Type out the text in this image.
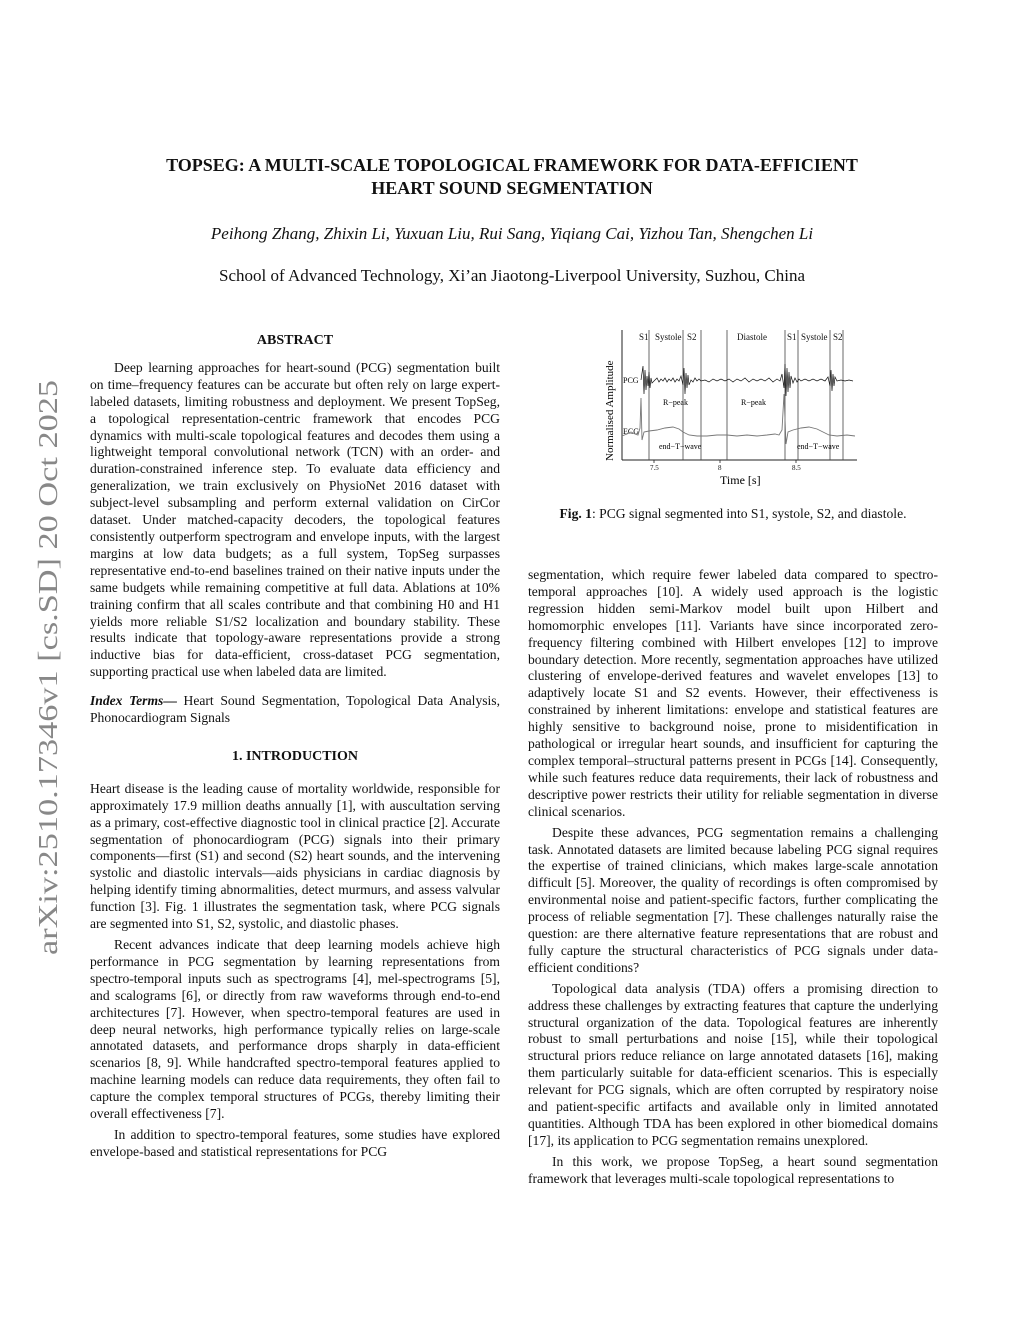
arXiv:2510.17346v1 [cs.SD] 20 Oct 2025
TOPSEG: A MULTI-SCALE TOPOLOGICAL FRAMEWORK FOR DATA-EFFICIENT
HEART SOUND SEGMENTATION
Peihong Zhang, Zhixin Li, Yuxuan Liu, Rui Sang, Yiqiang Cai, Yizhou Tan, Shengchen Li
School of Advanced Technology, Xi’an Jiaotong-Liverpool University, Suzhou, China
ABSTRACT

Deep learning approaches for heart-sound (PCG) segmentation built on time–frequency features can be accurate but often rely on large expert-labeled datasets, limiting robustness and deployment. We present TopSeg, a topological representation-centric framework that encodes PCG dynamics with multi-scale topological features and decodes them using a lightweight temporal convolutional network (TCN) with an order- and duration-constrained inference step. To evaluate data efficiency and generalization, we train exclusively on PhysioNet 2016 dataset with subject-level subsampling and perform external validation on CirCor dataset. Under matched-capacity decoders, the topological features consistently outperform spectrogram and envelope inputs, with the largest margins at low data budgets; as a full system, TopSeg surpasses representative end-to-end baselines trained on their native inputs under the same budgets while remaining competitive at full data. Ablations at 10% training confirm that all scales contribute and that combining H0 and H1 yields more reliable S1/S2 localization and boundary stability. These results indicate that topology-aware representations provide a strong inductive bias for data-efficient, cross-dataset PCG segmentation, supporting practical use when labeled data are limited.

Index Terms— Heart Sound Segmentation, Topological Data Analysis, Phonocardiogram Signals

1. INTRODUCTION

Heart disease is the leading cause of mortality worldwide, responsible for approximately 17.9 million deaths annually [1], with auscultation serving as a primary, cost-effective diagnostic tool in clinical practice [2]. Accurate segmentation of phonocardiogram (PCG) signals into their primary components—first (S1) and second (S2) heart sounds, and the intervening systolic and diastolic intervals—aids physicians in cardiac diagnosis by helping identify timing abnormalities, detect murmurs, and assess valvular function [3]. Fig. 1 illustrates the segmentation task, where PCG signals are segmented into S1, S2, systolic, and diastolic phases.

Recent advances indicate that deep learning models achieve high performance in PCG segmentation by learning representations from spectro-temporal inputs such as spectrograms [4], mel-spectrograms [5], and scalograms [6], or directly from raw waveforms through end-to-end architectures [7]. However, when spectro-temporal features are used in deep neural networks, high performance typically relies on large-scale annotated datasets, and performance drops sharply in data-efficient scenarios [8, 9]. While handcrafted spectro-temporal features applied to machine learning models can reduce data requirements, they often fail to capture the complex temporal structures of PCGs, thereby limiting their overall effectiveness [7].

In addition to spectro-temporal features, some studies have explored envelope-based and statistical representations for PCG

S1 Systole S2	Diastole S1 Systole S2
Normalised Amplitude PCG
ECG
R−peak	R−peak
end−T−wave	end−T−wave
7.5	8	8.5
Time [s]
Fig. 1: PCG signal segmented into S1, systole, S2, and diastole.

segmentation, which require fewer labeled data compared to spectro-temporal approaches [10]. A widely used approach is the logistic regression hidden semi-Markov model built upon Hilbert and homomorphic envelopes [11]. Variants have since incorporated zero-frequency filtering combined with Hilbert envelopes [12] to improve boundary detection. More recently, segmentation approaches have utilized clustering of envelope-derived features and wavelet envelopes [13] to adaptively locate S1 and S2 events. However, their effectiveness is constrained by inherent limitations: envelope and statistical features are highly sensitive to background noise, prone to misidentification in pathological or irregular heart sounds, and insufficient for capturing the complex temporal–structural patterns present in PCGs [14]. Consequently, while such features reduce data requirements, their lack of robustness and descriptive power restricts their utility for reliable segmentation in diverse clinical scenarios.

Despite these advances, PCG segmentation remains a challenging task. Annotated datasets are limited because labeling PCG signal requires the expertise of trained clinicians, which makes large-scale annotation difficult [5]. Moreover, the quality of recordings is often compromised by environmental noise and patient-specific factors, further complicating the process of reliable segmentation [7]. These challenges naturally raise the question: are there alternative feature representations that are robust and fully capture the structural characteristics of PCG signals under data-efficient conditions?

Topological data analysis (TDA) offers a promising direction to address these challenges by extracting features that capture the underlying structural organization of the data. Topological features are inherently robust to small perturbations and noise [15], while their topological structural priors reduce reliance on large annotated datasets [16], making them particularly suitable for data-efficient scenarios. This is especially relevant for PCG signals, which are often corrupted by respiratory noise and patient-specific artifacts and available only in limited annotated quantities. Although TDA has been explored in other biomedical domains [17], its application to PCG segmentation remains unexplored.

In this work, we propose TopSeg, a heart sound segmentation framework that leverages multi-scale topological representations to
